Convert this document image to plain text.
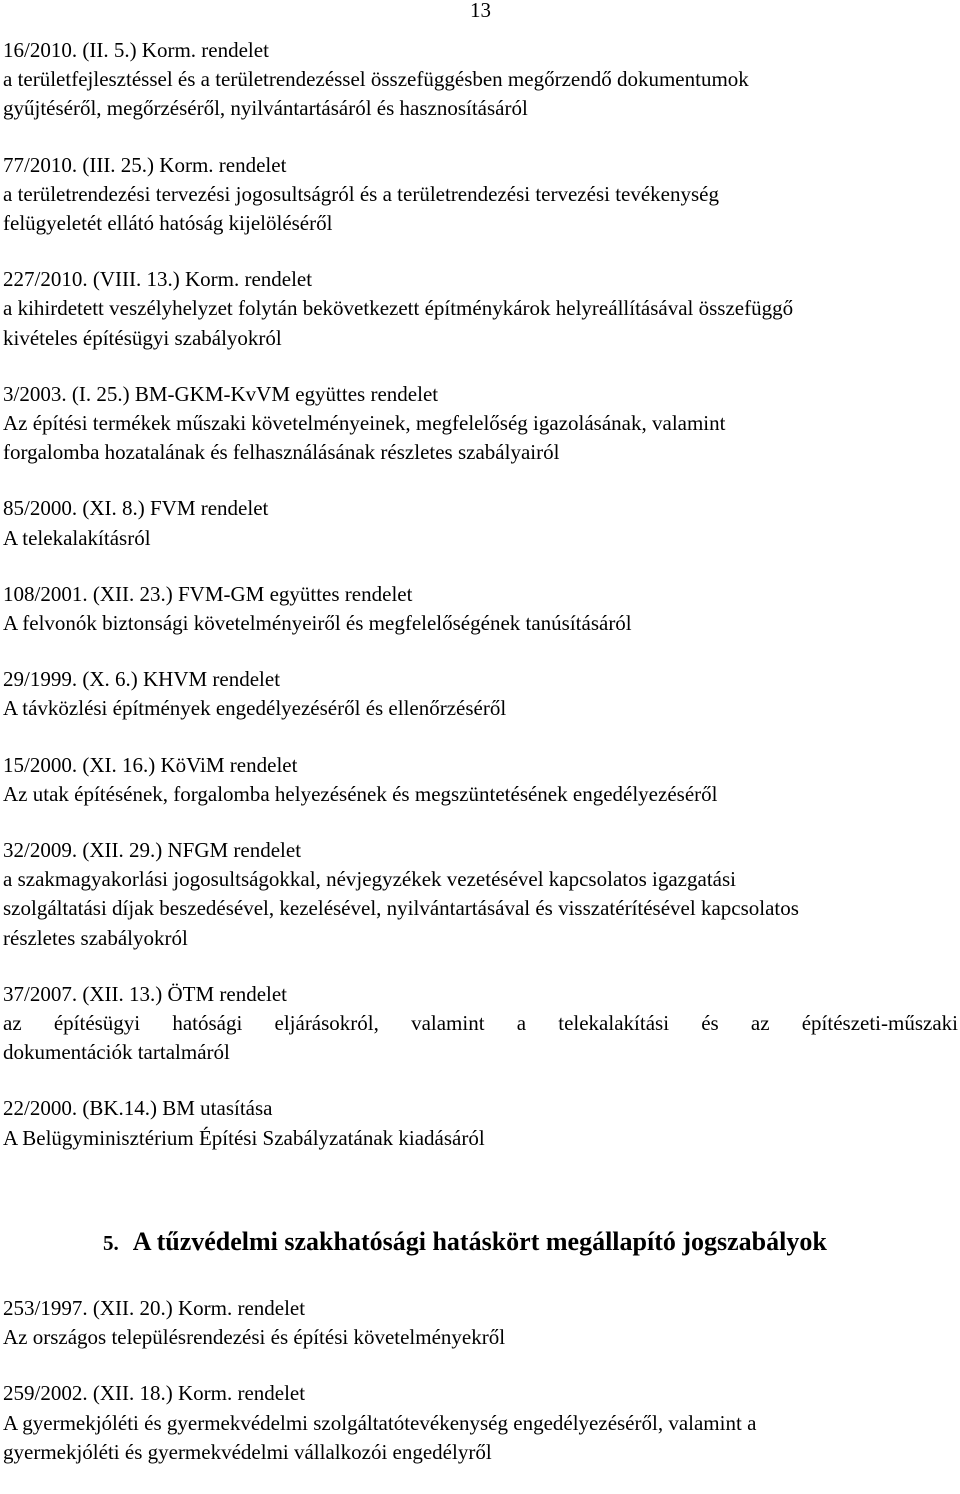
13
16/2010. (II. 5.) Korm. rendelet
a területfejlesztéssel és a területrendezéssel összefüggésben megőrzendő dokumentumok
gyűjtéséről, megőrzéséről, nyilvántartásáról és hasznosításáról
77/2010. (III. 25.) Korm. rendelet
a területrendezési tervezési jogosultságról és a területrendezési tervezési tevékenység
felügyeletét ellátó hatóság kijelöléséről
227/2010. (VIII. 13.) Korm. rendelet
a kihirdetett veszélyhelyzet folytán bekövetkezett építménykárok helyreállításával összefüggő
kivételes építésügyi szabályokról
3/2003. (I. 25.) BM-GKM-KvVM együttes rendelet
Az építési termékek műszaki követelményeinek, megfelelőség igazolásának, valamint
forgalomba hozatalának és felhasználásának részletes szabályairól
85/2000. (XI. 8.) FVM rendelet
A telekalakításról
108/2001. (XII. 23.) FVM-GM együttes rendelet
A felvonók biztonsági követelményeiről és megfelelőségének tanúsításáról
29/1999. (X. 6.) KHVM rendelet
A távközlési építmények engedélyezéséről és ellenőrzéséről
15/2000. (XI. 16.) KöViM rendelet
Az utak építésének, forgalomba helyezésének és megszüntetésének engedélyezéséről
32/2009. (XII. 29.) NFGM rendelet
a szakmagyakorlási jogosultságokkal, névjegyzékek vezetésével kapcsolatos igazgatási
szolgáltatási díjak beszedésével, kezelésével, nyilvántartásával és visszatérítésével kapcsolatos
részletes szabályokról
37/2007. (XII. 13.) ÖTM rendelet
az építésügyi hatósági eljárásokról, valamint a telekalakítási és az építészeti-műszaki
dokumentációk tartalmáról
22/2000. (BK.14.) BM utasítása
A Belügyminisztérium Építési Szabályzatának kiadásáról
5. A tűzvédelmi szakhatósági hatáskört megállapító jogszabályok
253/1997. (XII. 20.) Korm. rendelet
Az országos településrendezési és építési követelményekről
259/2002. (XII. 18.) Korm. rendelet
A gyermekjóléti és gyermekvédelmi szolgáltatótevékenység engedélyezéséről, valamint a
gyermekjóléti és gyermekvédelmi vállalkozói engedélyről
